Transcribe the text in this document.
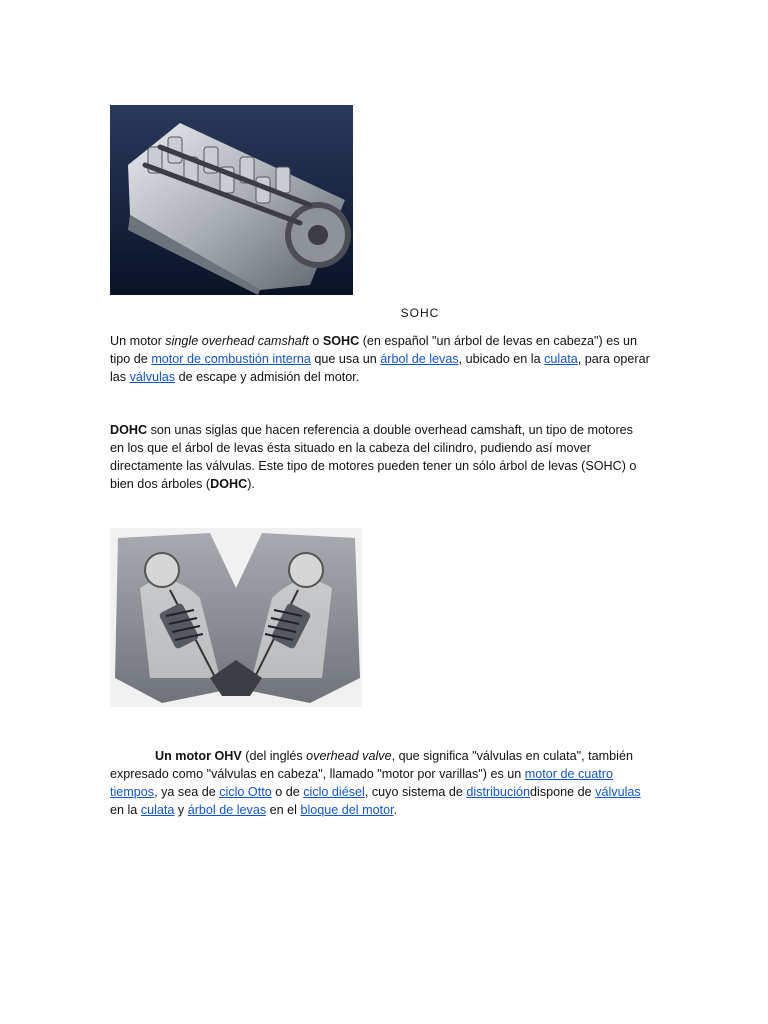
SOHC
Un motor single overhead camshaft o SOHC (en español "un árbol de levas en cabeza") es un tipo de motor de combustión interna que usa un árbol de levas, ubicado en la culata, para operar las válvulas de escape y admisión del motor.
DOHC son unas siglas que hacen referencia a double overhead camshaft, un tipo de motores en los que el árbol de levas ésta situado en la cabeza del cilindro, pudiendo así mover directamente las válvulas. Este tipo de motores pueden tener un sólo árbol de levas (SOHC) o bien dos árboles (DOHC).
Un motor OHV (del inglés overhead valve, que significa "válvulas en culata", también expresado como "válvulas en cabeza", llamado "motor por varillas") es un motor de cuatro tiempos, ya sea de ciclo Otto o de ciclo diésel, cuyo sistema de distribucióndispone de válvulas en la culata y árbol de levas en el bloque del motor.
